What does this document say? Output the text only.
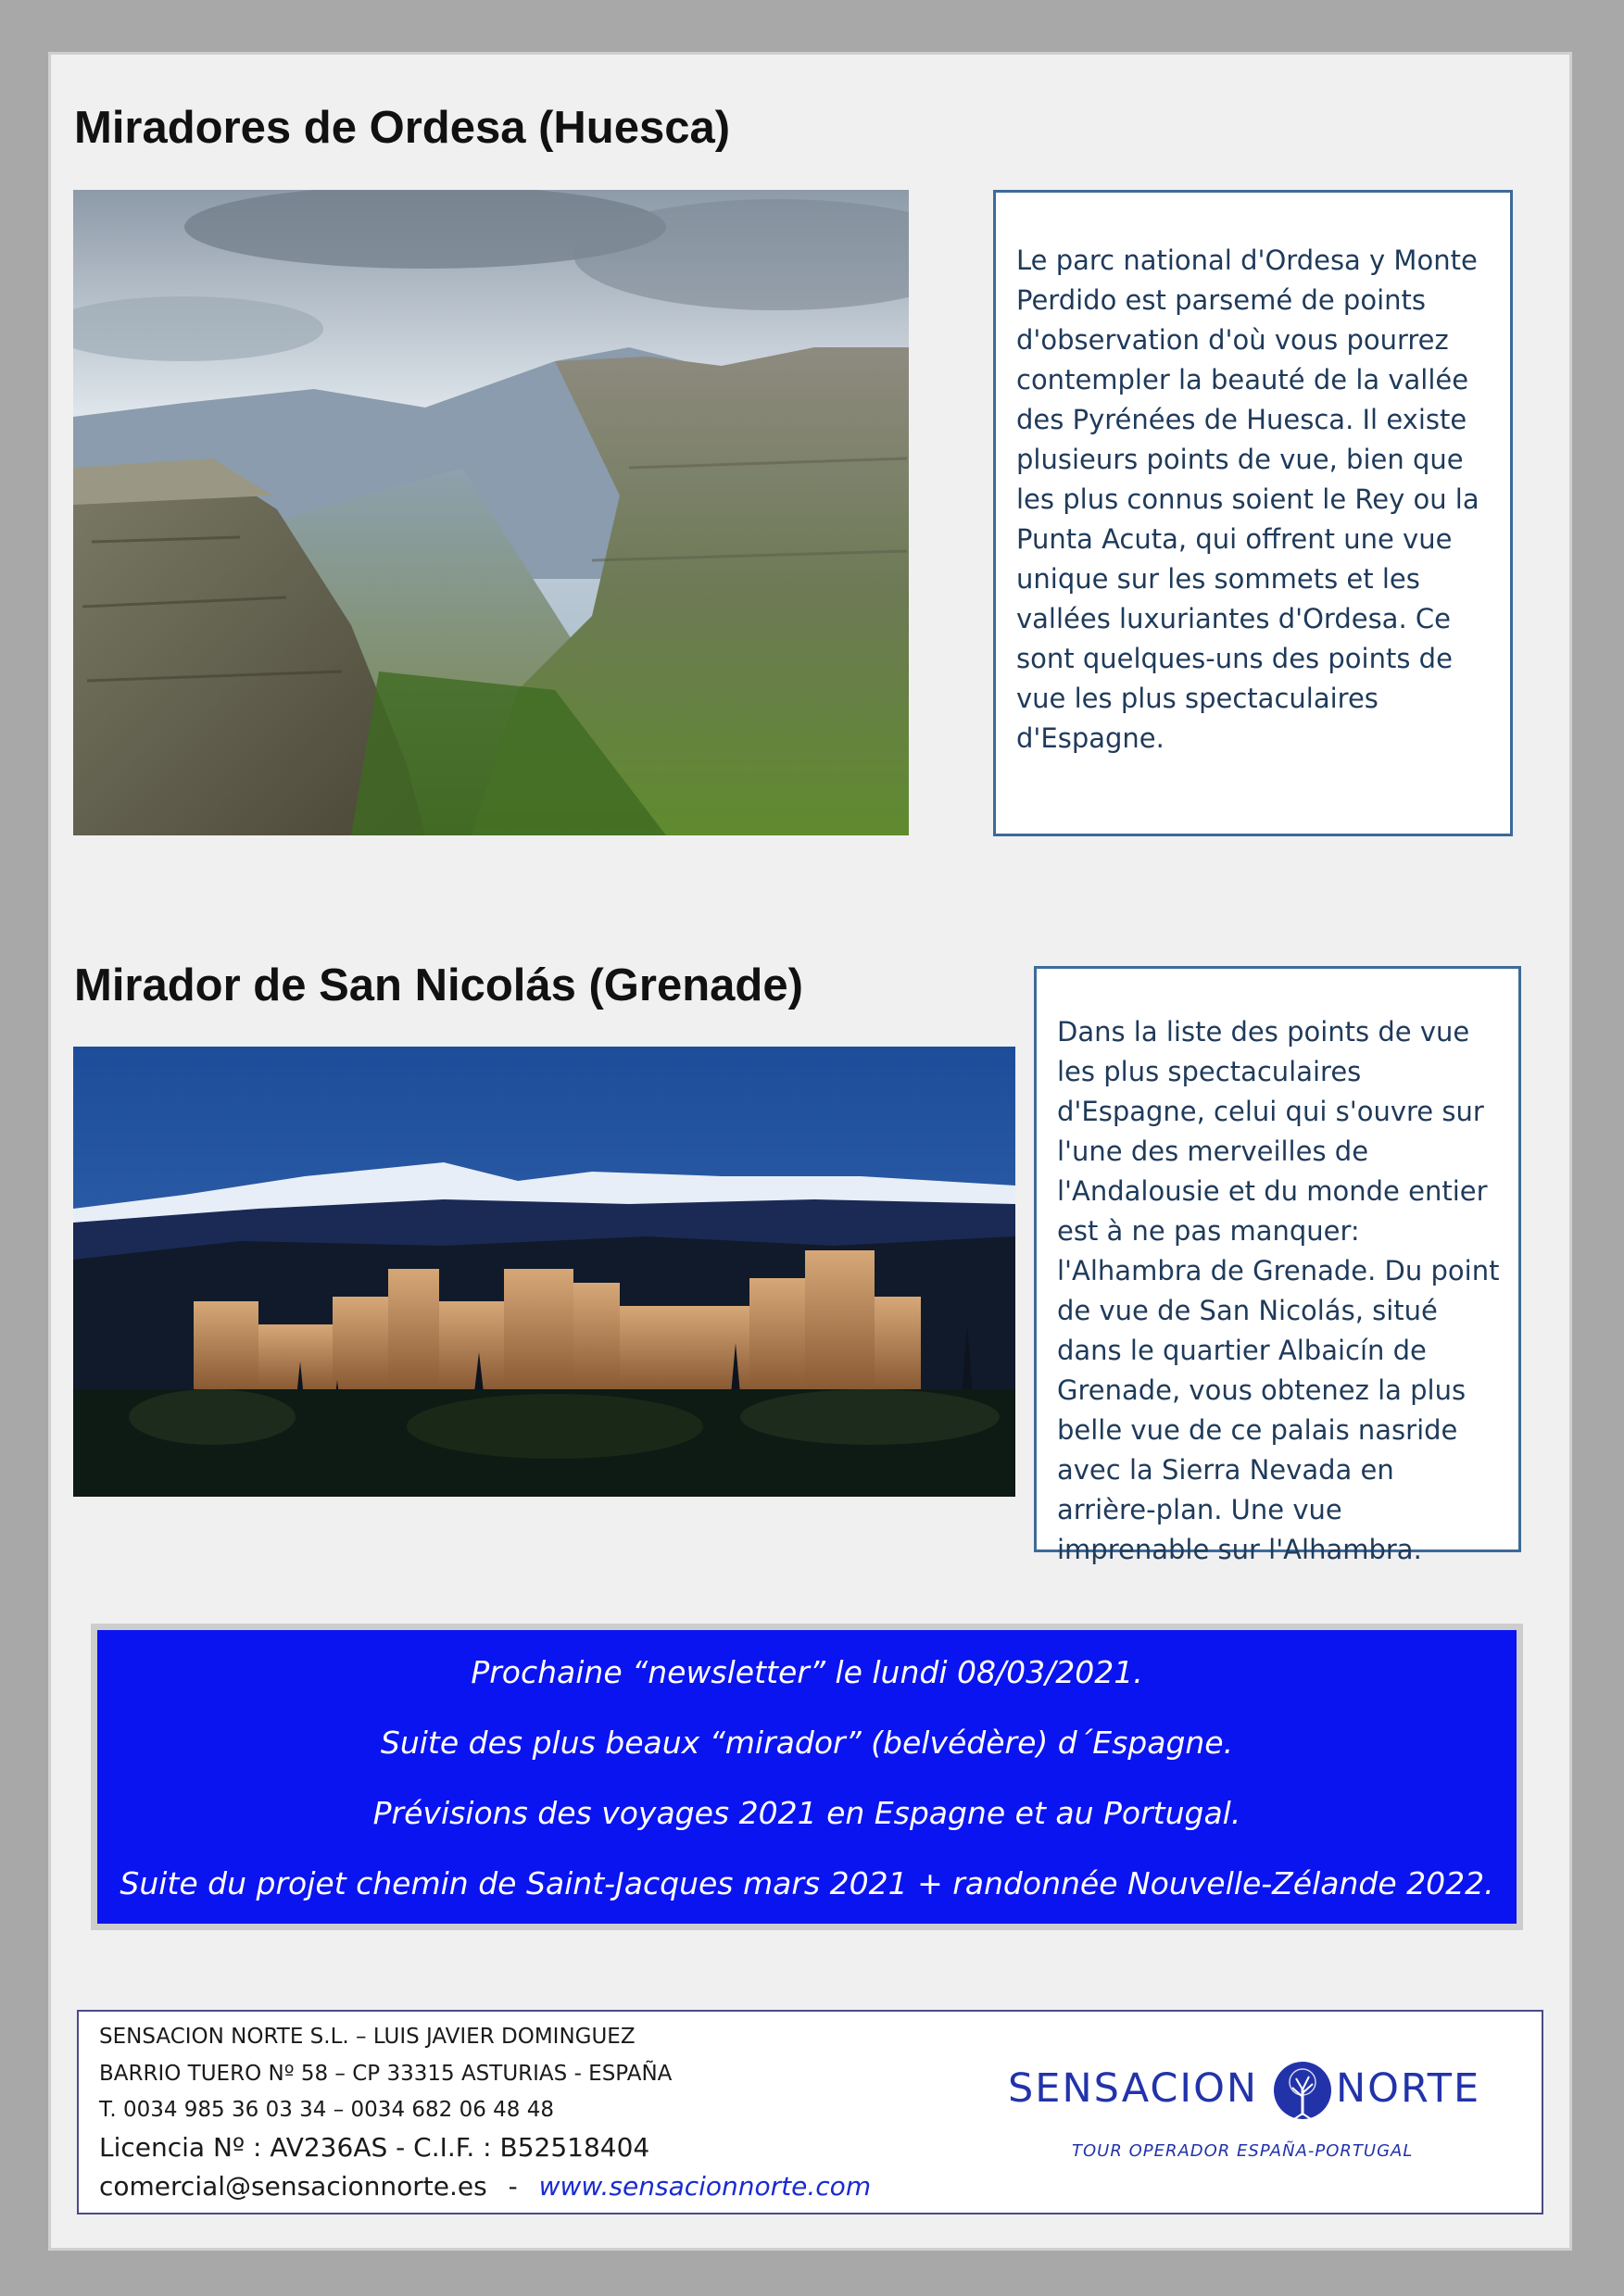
Miradores de Ordesa (Huesca)

Le parc national d'Ordesa y Monte Perdido est parsemé de points d'observation d'où vous pourrez contempler la beauté de la vallée des Pyrénées de Huesca. Il existe plusieurs points de vue, bien que les plus connus soient le Rey ou la Punta Acuta, qui offrent une vue unique sur les sommets et les vallées luxuriantes d'Ordesa. Ce sont quelques-uns des points de vue les plus spectaculaires d'Espagne.

Mirador de San Nicolás (Grenade)

Dans la liste des points de vue les plus spectaculaires d'Espagne, celui qui s'ouvre sur l'une des merveilles de l'Andalousie et du monde entier est à ne pas manquer: l'Alhambra de Grenade. Du point de vue de San Nicolás, situé dans le quartier Albaicín de Grenade, vous obtenez la plus belle vue de ce palais nasride avec la Sierra Nevada en arrière-plan. Une vue imprenable sur l'Alhambra.

Prochaine “newsletter” le lundi 08/03/2021.

Suite des plus beaux “mirador” (belvédère) d´Espagne.

Prévisions des voyages 2021 en Espagne et au Portugal.

Suite du projet chemin de Saint-Jacques mars 2021 + randonnée Nouvelle-Zélande 2022.

SENSACION NORTE S.L. – LUIS JAVIER DOMINGUEZ
BARRIO TUERO Nº 58 – CP 33315 ASTURIAS - ESPAÑA
T. 0034 985 36 03 34 – 0034 682 06 48 48
Licencia Nº : AV236AS - C.I.F. : B52518404
comercial@sensacionnorte.es - www.sensacionnorte.com
SENSACION NORTE
TOUR OPERADOR ESPAÑA-PORTUGAL
